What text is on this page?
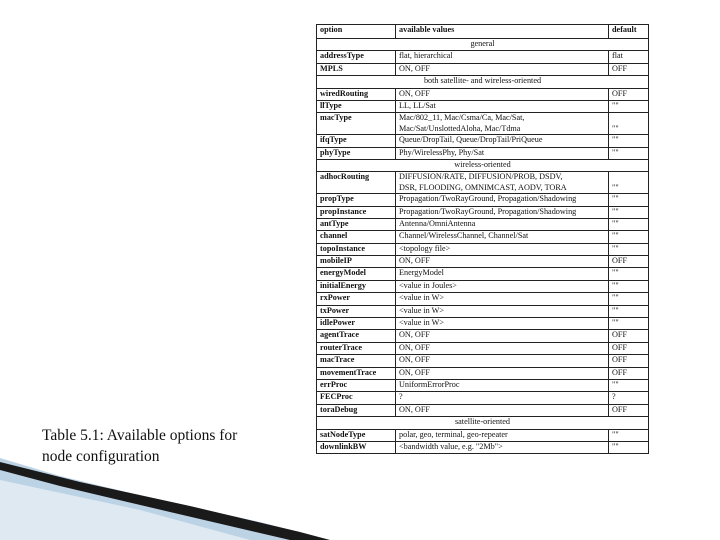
Table 5.1: Available options for
node configuration
option	available values	default
general		
addressType	flat, hierarchical	flat
MPLS	ON, OFF	OFF
both satellite- and wireless-oriented		
wiredRouting	ON, OFF	OFF
llType	LL, LL/Sat	""
macType	Mac/802_11, Mac/Csma/Ca, Mac/Sat,
Mac/Sat/UnslottedAloha, Mac/Tdma	""
ifqType	Queue/DropTail, Queue/DropTail/PriQueue	""
phyType	Phy/WirelessPhy, Phy/Sat	""
wireless-oriented		
adhocRouting	DIFFUSION/RATE, DIFFUSION/PROB, DSDV,
DSR, FLOODING, OMNIMCAST, AODV, TORA	""
propType	Propagation/TwoRayGround, Propagation/Shadowing	""
propInstance	Propagation/TwoRayGround, Propagation/Shadowing	""
antType	Antenna/OmniAntenna	""
channel	Channel/WirelessChannel, Channel/Sat	""
topoInstance	<topology file>	""
mobileIP	ON, OFF	OFF
energyModel	EnergyModel	""
initialEnergy	<value in Joules>	""
rxPower	<value in W>	""
txPower	<value in W>	""
idlePower	<value in W>	""
agentTrace	ON, OFF	OFF
routerTrace	ON, OFF	OFF
macTrace	ON, OFF	OFF
movementTrace	ON, OFF	OFF
errProc	UniformErrorProc	""
FECProc	?	?
toraDebug	ON, OFF	OFF
satellite-oriented		
satNodeType	polar, geo, terminal, geo-repeater	""
downlinkBW	<bandwidth value, e.g. "2Mb">	""
